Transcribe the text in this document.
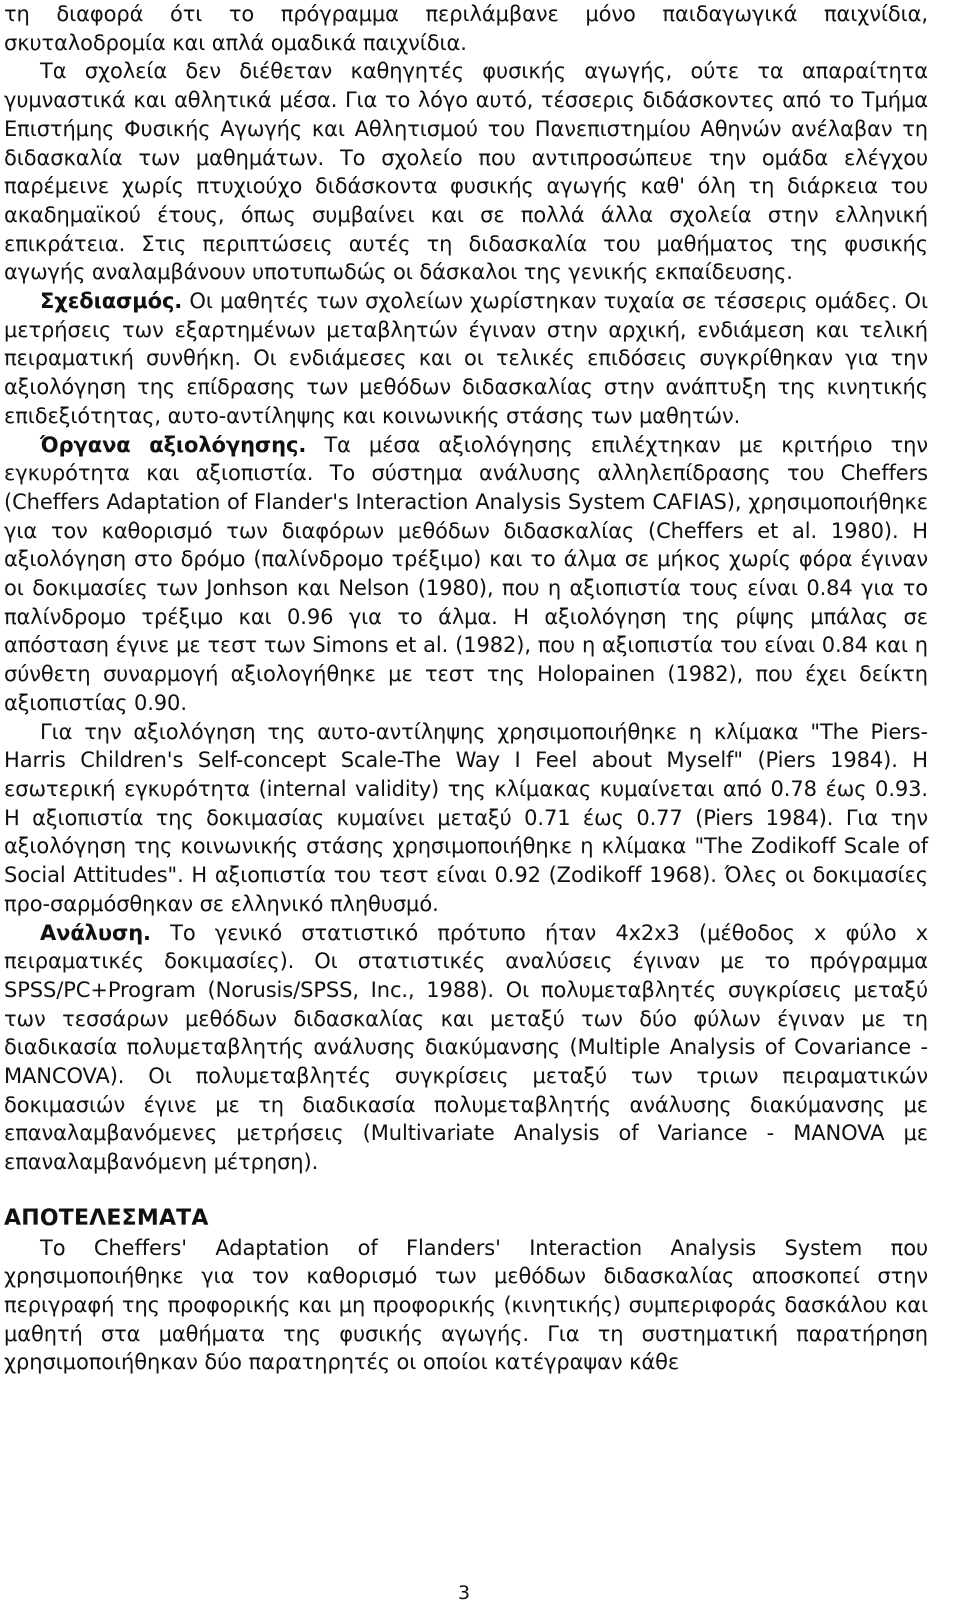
τη διαφορά ότι το πρόγραμμα περιλάμβανε μόνο παιδαγωγικά παιχνίδια, σκυταλοδρομία και απλά ομαδικά παιχνίδια.

Τα σχολεία δεν διέθεταν καθηγητές φυσικής αγωγής, ούτε τα απαραίτητα γυμναστικά και αθλητικά μέσα. Για το λόγο αυτό, τέσσερις διδάσκοντες από το Τμήμα Επιστήμης Φυσικής Αγωγής και Αθλητισμού του Πανεπιστημίου Αθηνών ανέλαβαν τη διδασκαλία των μαθημάτων. Το σχολείο που αντιπροσώπευε την ομάδα ελέγχου παρέμεινε χωρίς πτυχιούχο διδάσκοντα φυσικής αγωγής καθ' όλη τη διάρκεια του ακαδημαϊκού έτους, όπως συμβαίνει και σε πολλά άλλα σχολεία στην ελληνική επικράτεια. Στις περιπτώσεις αυτές τη διδασκαλία του μαθήματος της φυσικής αγωγής αναλαμβάνουν υποτυπωδώς οι δάσκαλοι της γενικής εκπαίδευσης.

Σχεδιασμός. Οι μαθητές των σχολείων χωρίστηκαν τυχαία σε τέσσερις ομάδες. Οι μετρήσεις των εξαρτημένων μεταβλητών έγιναν στην αρχική, ενδιάμεση και τελική πειραματική συνθήκη. Οι ενδιάμεσες και οι τελικές επιδόσεις συγκρίθηκαν για την αξιολόγηση της επίδρασης των μεθόδων διδασκαλίας στην ανάπτυξη της κινητικής επιδεξιότητας, αυτο-αντίληψης και κοινωνικής στάσης των μαθητών.

Όργανα αξιολόγησης. Τα μέσα αξιολόγησης επιλέχτηκαν με κριτήριο την εγκυρότητα και αξιοπιστία. Το σύστημα ανάλυσης αλληλεπίδρασης του Cheffers (Cheffers Adaptation of Flander's Interaction Analysis System CAFIAS), χρησιμοποιήθηκε για τον καθορισμό των διαφόρων μεθόδων διδασκαλίας (Cheffers et al. 1980). Η αξιολόγηση στο δρόμο (παλίνδρομο τρέξιμο) και το άλμα σε μήκος χωρίς φόρα έγιναν οι δοκιμασίες των Jonhson και Nelson (1980), που η αξιοπιστία τους είναι 0.84 για το παλίνδρομο τρέξιμο και 0.96 για το άλμα. Η αξιολόγηση της ρίψης μπάλας σε απόσταση έγινε με τεστ των Simons et al. (1982), που η αξιοπιστία του είναι 0.84 και η σύνθετη συναρμογή αξιολογήθηκε με τεστ της Holopainen (1982), που έχει δείκτη αξιοπιστίας 0.90.

Για την αξιολόγηση της αυτο-αντίληψης χρησιμοποιήθηκε η κλίμακα "The Piers-Harris Children's Self-concept Scale-The Way I Feel about Myself" (Piers 1984). Η εσωτερική εγκυρότητα (internal validity) της κλίμακας κυμαίνεται από 0.78 έως 0.93. Η αξιοπιστία της δοκιμασίας κυμαίνει μεταξύ 0.71 έως 0.77 (Piers 1984). Για την αξιολόγηση της κοινωνικής στάσης χρησιμοποιήθηκε η κλίμακα "The Zodikoff Scale of Social Attitudes". Η αξιοπιστία του τεστ είναι 0.92 (Zodikoff 1968). Όλες οι δοκιμασίες προ-σαρμόσθηκαν σε ελληνικό πληθυσμό.

Ανάλυση. Το γενικό στατιστικό πρότυπο ήταν 4x2x3 (μέθοδος x φύλο x πειραματικές δοκιμασίες). Οι στατιστικές αναλύσεις έγιναν με το πρόγραμμα SPSS/PC+Program (Norusis/SPSS, Inc., 1988). Οι πολυμεταβλητές συγκρίσεις μεταξύ των τεσσάρων μεθόδων διδασκαλίας και μεταξύ των δύο φύλων έγιναν με τη διαδικασία πολυμεταβλητής ανάλυσης διακύμανσης (Multiple Analysis of Covariance - MANCOVA). Οι πολυμεταβλητές συγκρίσεις μεταξύ των τριων πειραματικών δοκιμασιών έγινε με τη διαδικασία πολυμεταβλητής ανάλυσης διακύμανσης με επαναλαμβανόμενες μετρήσεις (Multivariate Analysis of Variance - MANOVA με επαναλαμβανόμενη μέτρηση).

ΑΠΟΤΕΛΕΣΜΑΤΑ

Το Cheffers' Adaptation of Flanders' Interaction Analysis System που χρησιμοποιήθηκε για τον καθορισμό των μεθόδων διδασκαλίας αποσκοπεί στην περιγραφή της προφορικής και μη προφορικής (κινητικής) συμπεριφοράς δασκάλου και μαθητή στα μαθήματα της φυσικής αγωγής. Για τη συστηματική παρατήρηση χρησιμοποιήθηκαν δύο παρατηρητές οι οποίοι κατέγραψαν κάθε

3
